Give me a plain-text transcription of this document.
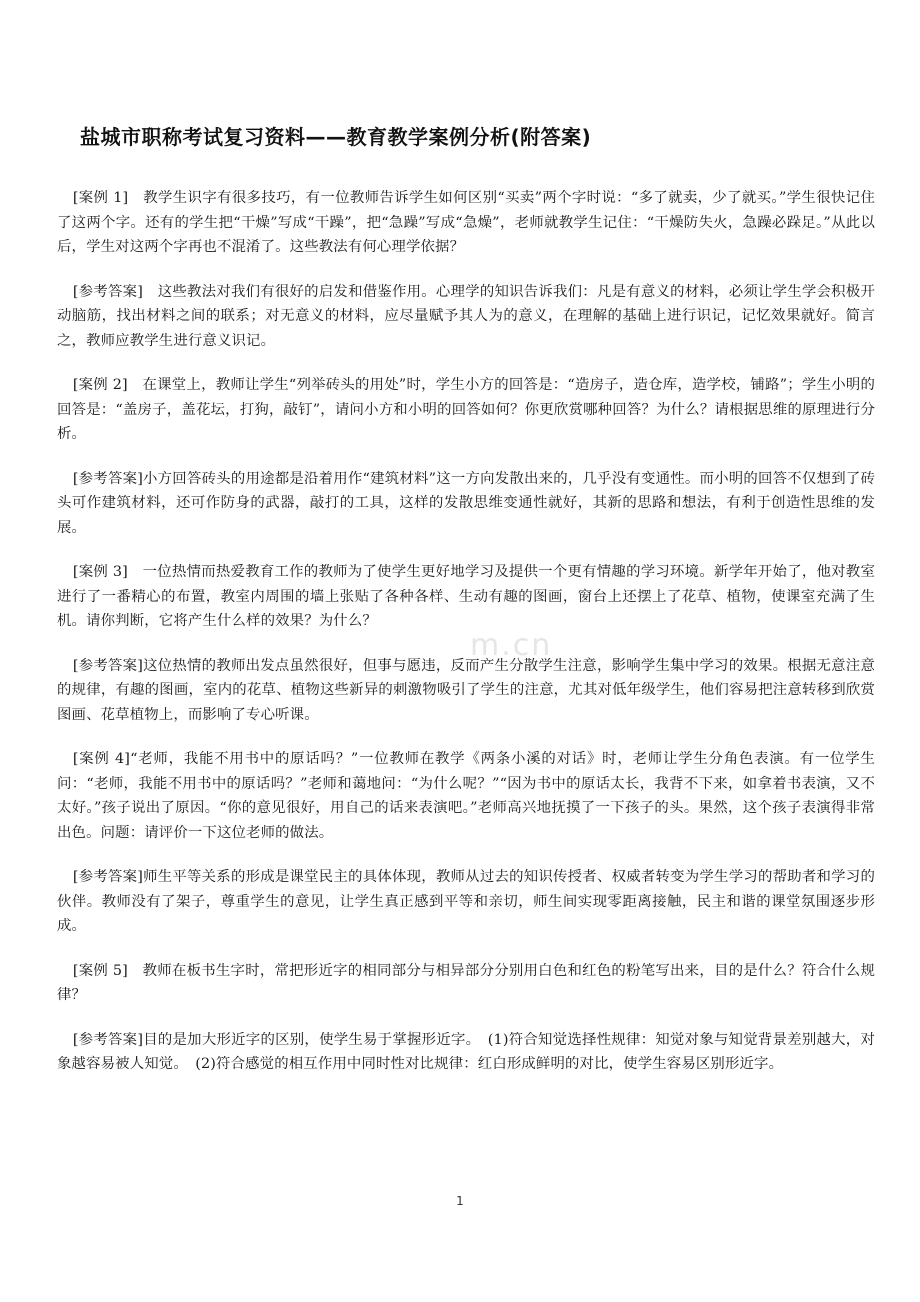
m.cn
盐城市职称考试复习资料——教育教学案例分析(附答案)

[案例 1]　教学生识字有很多技巧，有一位教师告诉学生如何区别“买卖”两个字时说：“多了就卖，少了就买。”学生很快记住了这两个字。还有的学生把“干燥”写成“干躁”，把“急躁”写成“急燥”，老师就教学生记住：“干燥防失火，急躁必跺足。”从此以后，学生对这两个字再也不混淆了。这些教法有何心理学依据？

[参考答案]　这些教法对我们有很好的启发和借鉴作用。心理学的知识告诉我们：凡是有意义的材料，必须让学生学会积极开动脑筋，找出材料之间的联系；对无意义的材料，应尽量赋予其人为的意义，在理解的基础上进行识记，记忆效果就好。简言之，教师应教学生进行意义识记。

[案例 2]　在课堂上，教师让学生“列举砖头的用处”时，学生小方的回答是：“造房子，造仓库，造学校，铺路”；学生小明的回答是：“盖房子，盖花坛，打狗，敲钉”，请问小方和小明的回答如何？你更欣赏哪种回答？为什么？请根据思维的原理进行分析。

[参考答案]小方回答砖头的用途都是沿着用作“建筑材料”这一方向发散出来的，几乎没有变通性。而小明的回答不仅想到了砖头可作建筑材料，还可作防身的武器，敲打的工具，这样的发散思维变通性就好，其新的思路和想法，有利于创造性思维的发展。

[案例 3]　一位热情而热爱教育工作的教师为了使学生更好地学习及提供一个更有情趣的学习环境。新学年开始了，他对教室进行了一番精心的布置，教室内周围的墙上张贴了各种各样、生动有趣的图画，窗台上还摆上了花草、植物，使课室充满了生机。请你判断，它将产生什么样的效果？为什么？

[参考答案]这位热情的教师出发点虽然很好，但事与愿违，反而产生分散学生注意，影响学生集中学习的效果。根据无意注意的规律，有趣的图画，室内的花草、植物这些新异的刺激物吸引了学生的注意，尤其对低年级学生，他们容易把注意转移到欣赏图画、花草植物上，而影响了专心听课。

[案例 4]“老师，我能不用书中的原话吗？”一位教师在教学《两条小溪的对话》时，老师让学生分角色表演。有一位学生问：“老师，我能不用书中的原话吗？”老师和蔼地问：“为什么呢？”“因为书中的原话太长，我背不下来，如拿着书表演，又不太好。”孩子说出了原因。“你的意见很好，用自己的话来表演吧。”老师高兴地抚摸了一下孩子的头。果然，这个孩子表演得非常出色。问题：请评价一下这位老师的做法。

[参考答案]师生平等关系的形成是课堂民主的具体体现，教师从过去的知识传授者、权威者转变为学生学习的帮助者和学习的伙伴。教师没有了架子，尊重学生的意见，让学生真正感到平等和亲切，师生间实现零距离接触，民主和谐的课堂氛围逐步形成。

[案例 5]　教师在板书生字时，常把形近字的相同部分与相异部分分别用白色和红色的粉笔写出来，目的是什么？符合什么规律？

[参考答案]目的是加大形近字的区别，使学生易于掌握形近字。　(1)符合知觉选择性规律：知觉对象与知觉背景差别越大，对象越容易被人知觉。　(2)符合感觉的相互作用中同时性对比规律：红白形成鲜明的对比，使学生容易区别形近字。

1
